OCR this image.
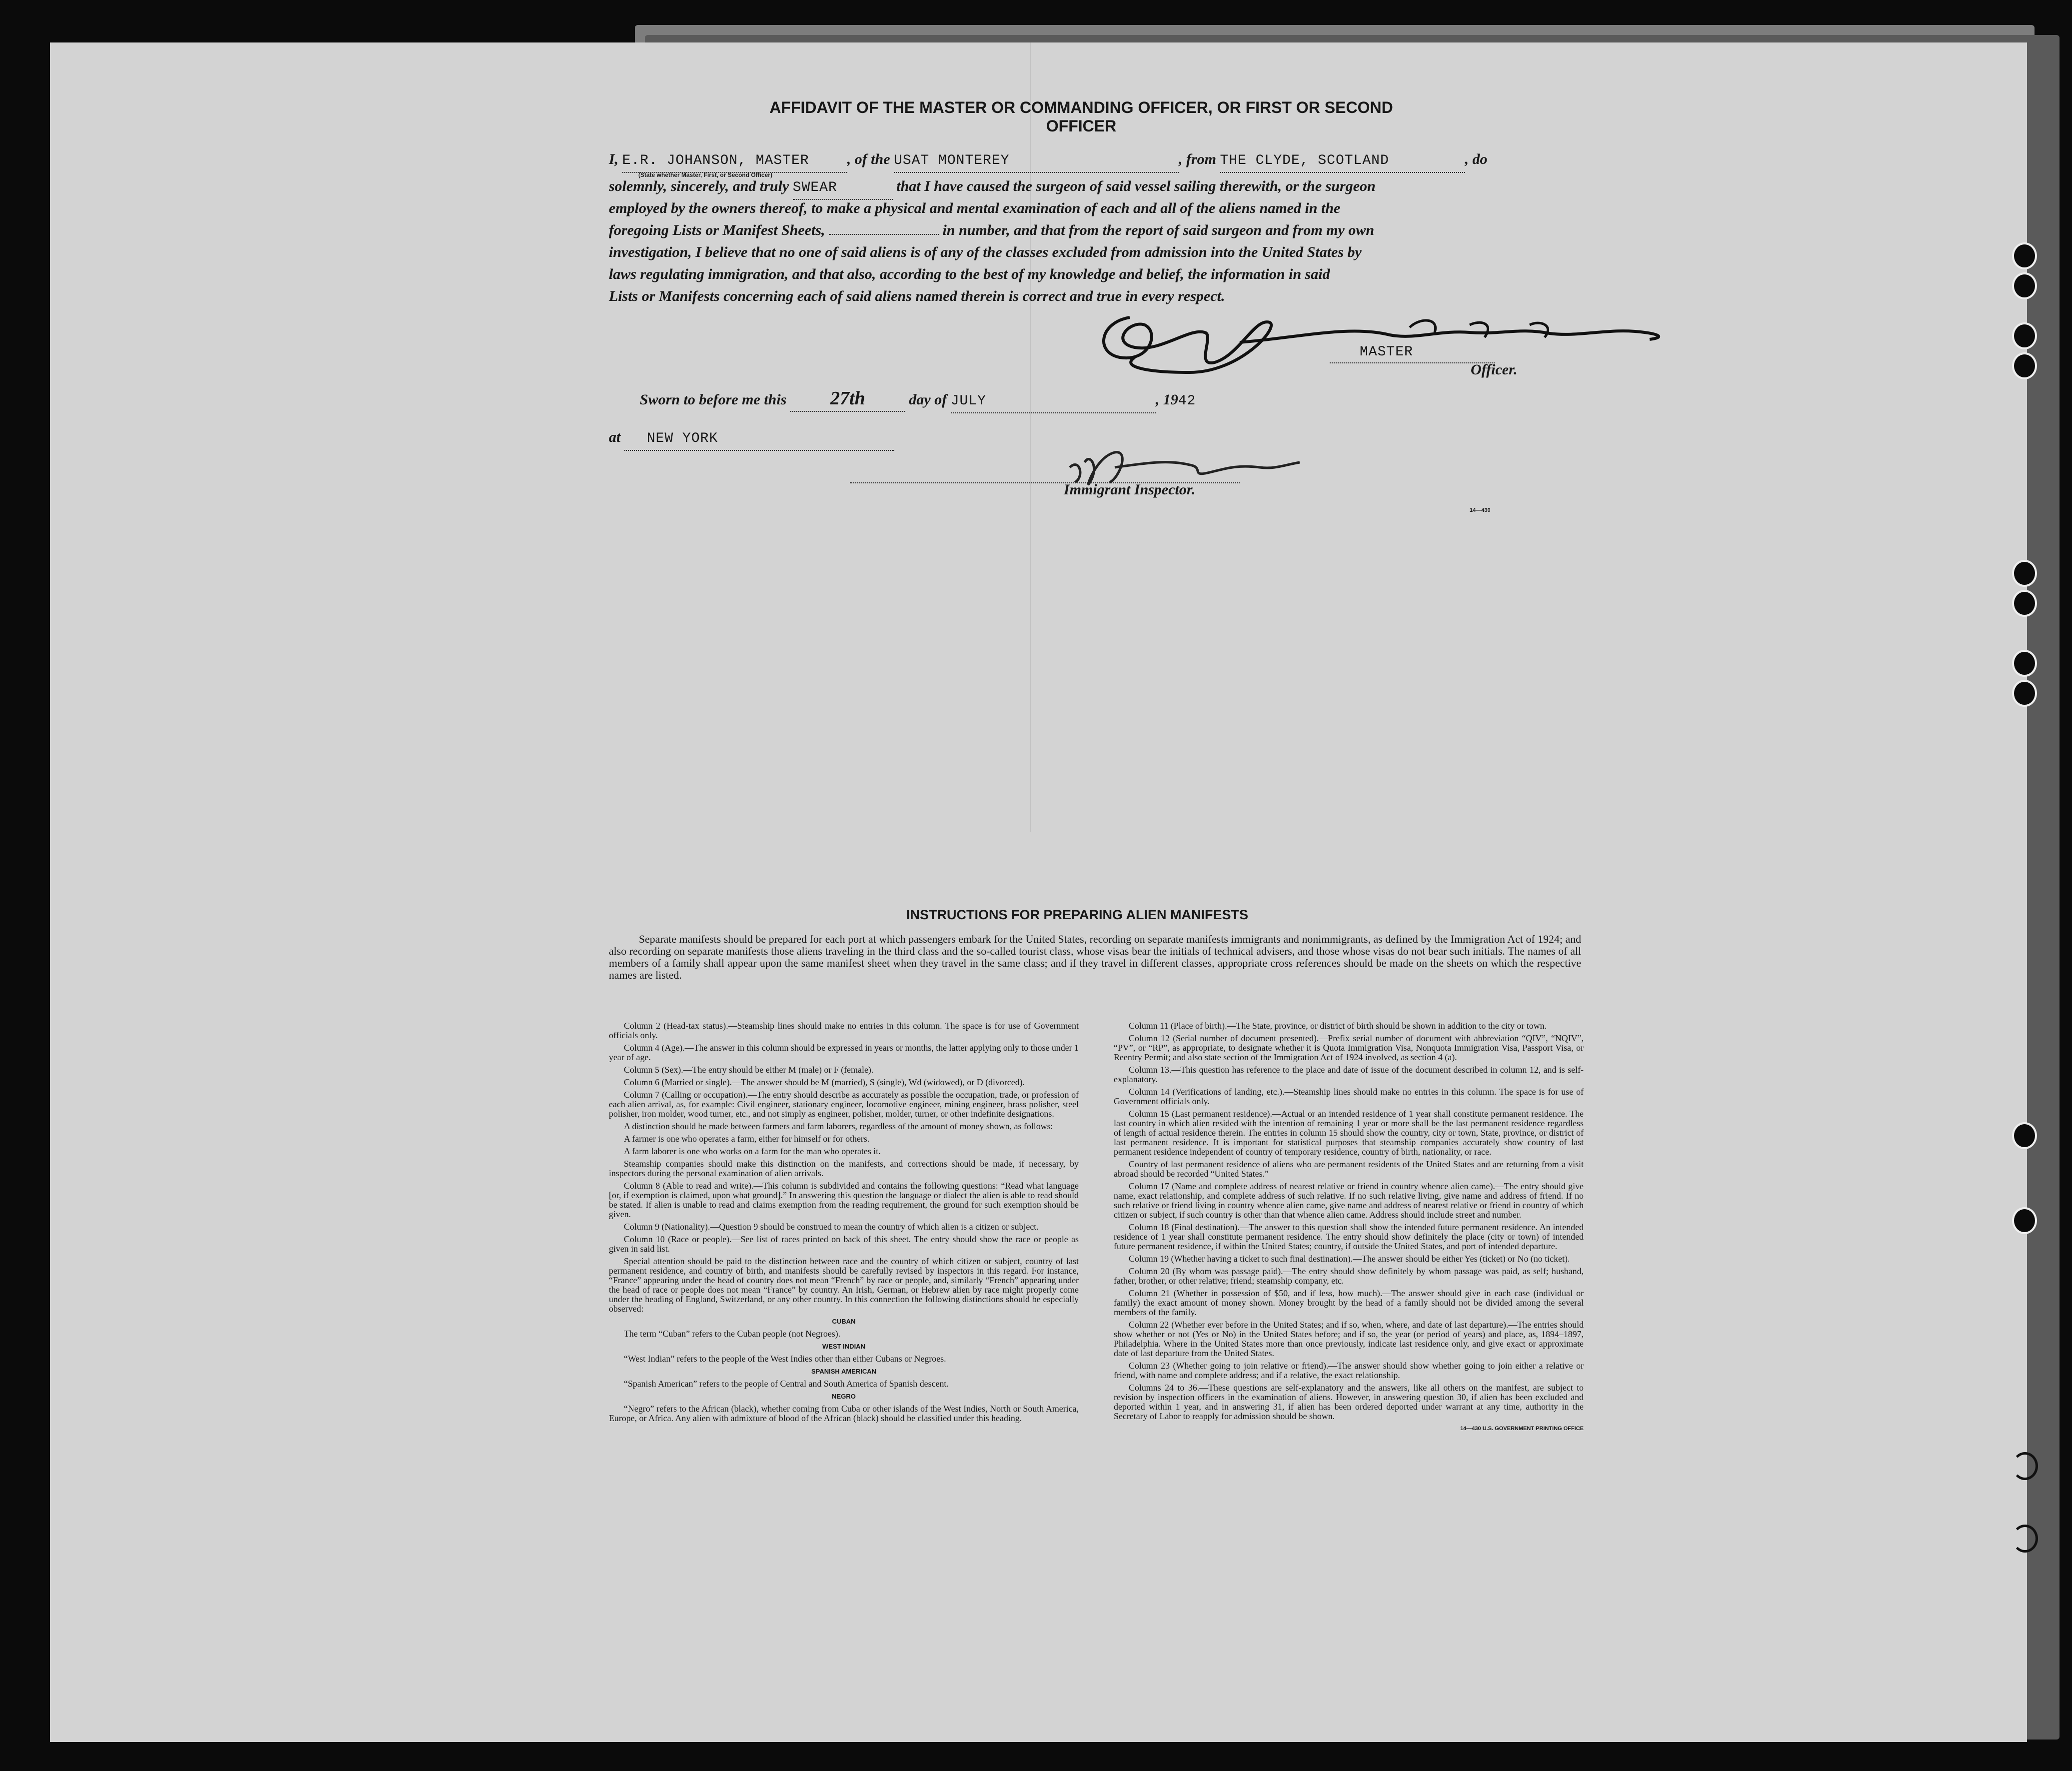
AFFIDAVIT OF THE MASTER OR COMMANDING OFFICER, OR FIRST OR SECOND OFFICER
I, E.R. JOHANSON, MASTER	, of the USAT MONTEREY	, from THE CLYDE, SCOTLAND	, do
(State whether Master, First, or Second Officer)
solemnly, sincerely, and truly SWEAR	that I have caused the surgeon of said vessel sailing therewith, or the surgeon
employed by the owners thereof, to make a physical and mental examination of each and all of the aliens named in the
foregoing Lists or Manifest Sheets,	in number, and that from the report of said surgeon and from my own
investigation, I believe that no one of said aliens is of any of the classes excluded from admission into the United States by
laws regulating immigration, and that also, according to the best of my knowledge and belief, the information in said
Lists or Manifests concerning each of said aliens named therein is correct and true in every respect.
MASTER
Officer.
Sworn to before me this 27th	day of JULY	, 1942
at NEW YORK
Immigrant Inspector.
14—430
INSTRUCTIONS FOR PREPARING ALIEN MANIFESTS
Separate manifests should be prepared for each port at which passengers embark for the United States, recording on separate manifests immigrants and nonimmigrants, as defined by the Immigration Act of 1924; and also recording on separate manifests those aliens traveling in the third class and the so-called tourist class, whose visas bear the initials of technical advisers, and those whose visas do not bear such initials. The names of all members of a family shall appear upon the same manifest sheet when they travel in the same class; and if they travel in different classes, appropriate cross references should be made on the sheets on which the respective names are listed.

Column 2 (Head-tax status).—Steamship lines should make no entries in this column. The space is for use of Government officials only.

Column 4 (Age).—The answer in this column should be expressed in years or months, the latter applying only to those under 1 year of age.

Column 5 (Sex).—The entry should be either M (male) or F (female).

Column 6 (Married or single).—The answer should be M (married), S (single), Wd (widowed), or D (divorced).

Column 7 (Calling or occupation).—The entry should describe as accurately as possible the occupation, trade, or profession of each alien arrival, as, for example: Civil engineer, stationary engineer, locomotive engineer, mining engineer, brass polisher, steel polisher, iron molder, wood turner, etc., and not simply as engineer, polisher, molder, turner, or other indefinite designations.

A distinction should be made between farmers and farm laborers, regardless of the amount of money shown, as follows:

A farmer is one who operates a farm, either for himself or for others.

A farm laborer is one who works on a farm for the man who operates it.

Steamship companies should make this distinction on the manifests, and corrections should be made, if necessary, by inspectors during the personal examination of alien arrivals.

Column 8 (Able to read and write).—This column is subdivided and contains the following questions: “Read what language [or, if exemption is claimed, upon what ground].” In answering this question the language or dialect the alien is able to read should be stated. If alien is unable to read and claims exemption from the reading requirement, the ground for such exemption should be given.

Column 9 (Nationality).—Question 9 should be construed to mean the country of which alien is a citizen or subject.

Column 10 (Race or people).—See list of races printed on back of this sheet. The entry should show the race or people as given in said list.

Special attention should be paid to the distinction between race and the country of which citizen or subject, country of last permanent residence, and country of birth, and manifests should be carefully revised by inspectors in this regard. For instance, “France” appearing under the head of country does not mean “French” by race or people, and, similarly “French” appearing under the head of race or people does not mean “France” by country. An Irish, German, or Hebrew alien by race might properly come under the heading of England, Switzerland, or any other country. In this connection the following distinctions should be especially observed:

CUBAN

The term “Cuban” refers to the Cuban people (not Negroes).

WEST INDIAN

“West Indian” refers to the people of the West Indies other than either Cubans or Negroes.

SPANISH AMERICAN

“Spanish American” refers to the people of Central and South America of Spanish descent.

NEGRO

“Negro” refers to the African (black), whether coming from Cuba or other islands of the West Indies, North or South America, Europe, or Africa. Any alien with admixture of blood of the African (black) should be classified under this heading.

Column 11 (Place of birth).—The State, province, or district of birth should be shown in addition to the city or town.

Column 12 (Serial number of document presented).—Prefix serial number of document with abbreviation “QIV”, “NQIV”, “PV”, or “RP”, as appropriate, to designate whether it is Quota Immigration Visa, Nonquota Immigration Visa, Passport Visa, or Reentry Permit; and also state section of the Immigration Act of 1924 involved, as section 4 (a).

Column 13.—This question has reference to the place and date of issue of the document described in column 12, and is self-explanatory.

Column 14 (Verifications of landing, etc.).—Steamship lines should make no entries in this column. The space is for use of Government officials only.

Column 15 (Last permanent residence).—Actual or an intended residence of 1 year shall constitute permanent residence. The last country in which alien resided with the intention of remaining 1 year or more shall be the last permanent residence regardless of length of actual residence therein. The entries in column 15 should show the country, city or town, State, province, or district of last permanent residence. It is important for statistical purposes that steamship companies accurately show country of last permanent residence independent of country of temporary residence, country of birth, nationality, or race.

Country of last permanent residence of aliens who are permanent residents of the United States and are returning from a visit abroad should be recorded “United States.”

Column 17 (Name and complete address of nearest relative or friend in country whence alien came).—The entry should give name, exact relationship, and complete address of such relative. If no such relative living, give name and address of friend. If no such relative or friend living in country whence alien came, give name and address of nearest relative or friend in country of which citizen or subject, if such country is other than that whence alien came. Address should include street and number.

Column 18 (Final destination).—The answer to this question shall show the intended future permanent residence. An intended residence of 1 year shall constitute permanent residence. The entry should show definitely the place (city or town) of intended future permanent residence, if within the United States; country, if outside the United States, and port of intended departure.

Column 19 (Whether having a ticket to such final destination).—The answer should be either Yes (ticket) or No (no ticket).

Column 20 (By whom was passage paid).—The entry should show definitely by whom passage was paid, as self; husband, father, brother, or other relative; friend; steamship company, etc.

Column 21 (Whether in possession of $50, and if less, how much).—The answer should give in each case (individual or family) the exact amount of money shown. Money brought by the head of a family should not be divided among the several members of the family.

Column 22 (Whether ever before in the United States; and if so, when, where, and date of last departure).—The entries should show whether or not (Yes or No) in the United States before; and if so, the year (or period of years) and place, as, 1894–1897, Philadelphia. Where in the United States more than once previously, indicate last residence only, and give exact or approximate date of last departure from the United States.

Column 23 (Whether going to join relative or friend).—The answer should show whether going to join either a relative or friend, with name and complete address; and if a relative, the exact relationship.

Columns 24 to 36.—These questions are self-explanatory and the answers, like all others on the manifest, are subject to revision by inspection officers in the examination of aliens. However, in answering question 30, if alien has been excluded and deported within 1 year, and in answering 31, if alien has been ordered deported under warrant at any time, authority in the Secretary of Labor to reapply for admission should be shown.

14—430 U.S. GOVERNMENT PRINTING OFFICE
